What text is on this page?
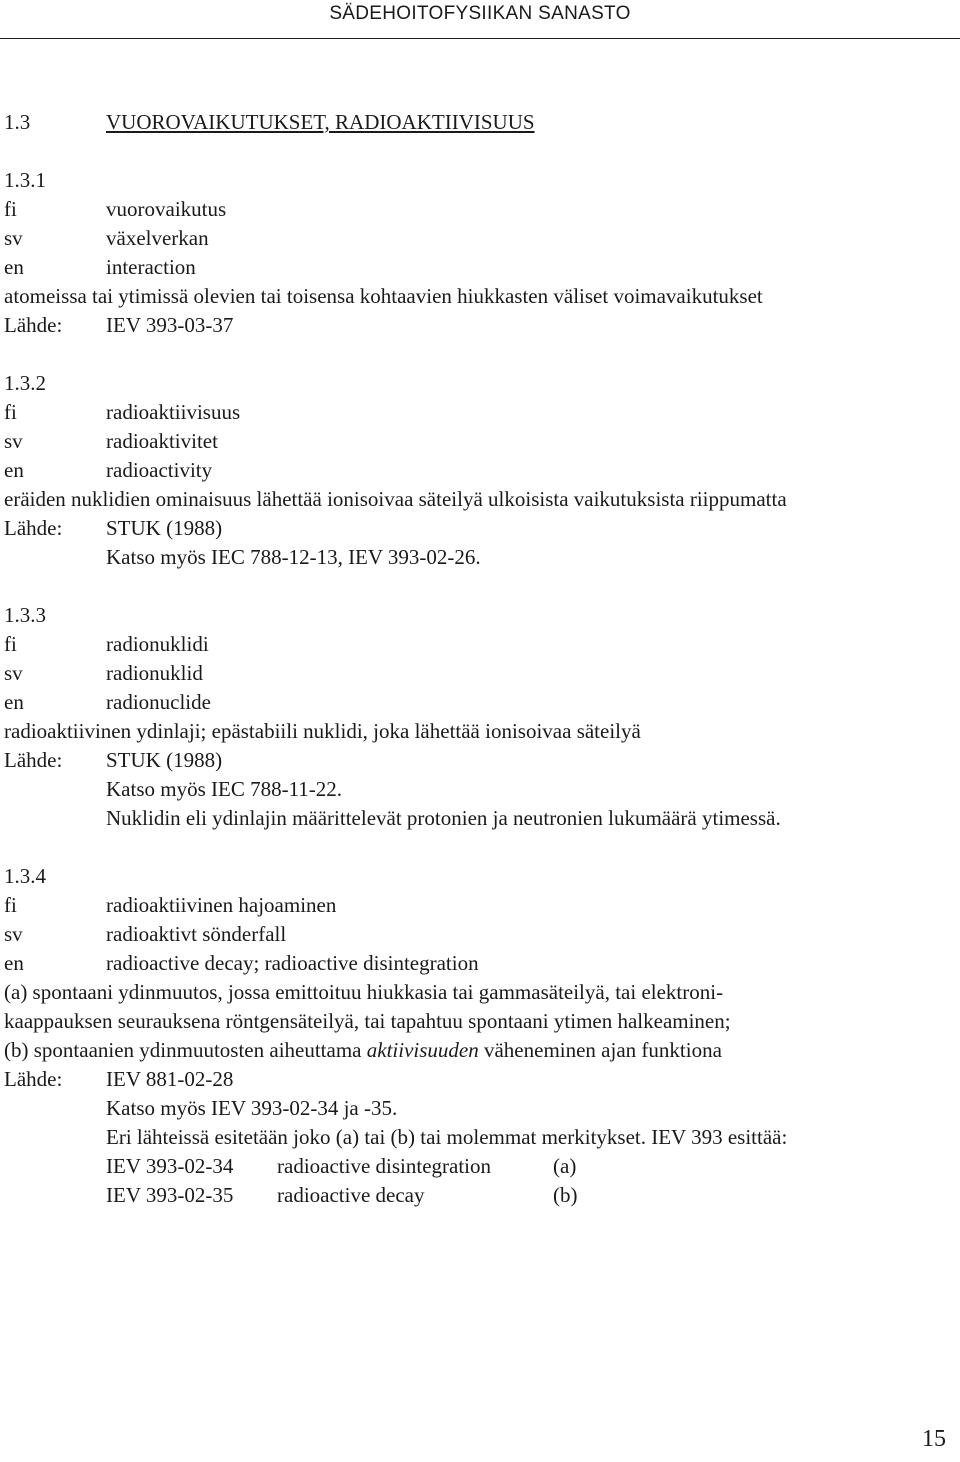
SÄDEHOITOFYSIIKAN SANASTO
1.3	VUOROVAIKUTUKSET, RADIOAKTIIVISUUS
1.3.1
fi	vuorovaikutus
sv	växelverkan
en	interaction
atomeissa tai ytimissä olevien tai toisensa kohtaavien hiukkasten väliset voimavaikutukset
Lähde: IEV 393-03-37
1.3.2
fi	radioaktiivisuus
sv	radioaktivitet
en	radioactivity
eräiden nuklidien ominaisuus lähettää ionisoivaa säteilyä ulkoisista vaikutuksista riippumatta
Lähde: STUK (1988)
Katso myös IEC 788-12-13, IEV 393-02-26.
1.3.3
fi	radionuklidi
sv	radionuklid
en	radionuclide
radioaktiivinen ydinlaji; epästabiili nuklidi, joka lähettää ionisoivaa säteilyä
Lähde: STUK (1988)
Katso myös IEC 788-11-22.
Nuklidin eli ydinlajin määrittelevät protonien ja neutronien lukumäärä ytimessä.
1.3.4
fi	radioaktiivinen hajoaminen
sv	radioaktivt sönderfall
en	radioactive decay; radioactive disintegration
(a) spontaani ydinmuutos, jossa emittoituu hiukkasia tai gammasäteilyä, tai elektroni-
kaappauksen seurauksena röntgensäteilyä, tai tapahtuu spontaani ytimen halkeaminen;
(b) spontaanien ydinmuutosten aiheuttama aktiivisuuden väheneminen ajan funktiona
Lähde: IEV 881-02-28
Katso myös IEV 393-02-34 ja -35.
Eri lähteissä esitetään joko (a) tai (b) tai molemmat merkitykset. IEV 393 esittää:
IEV 393-02-34 radioactive disintegration	(a)
IEV 393-02-35 radioactive decay	(b)
15
